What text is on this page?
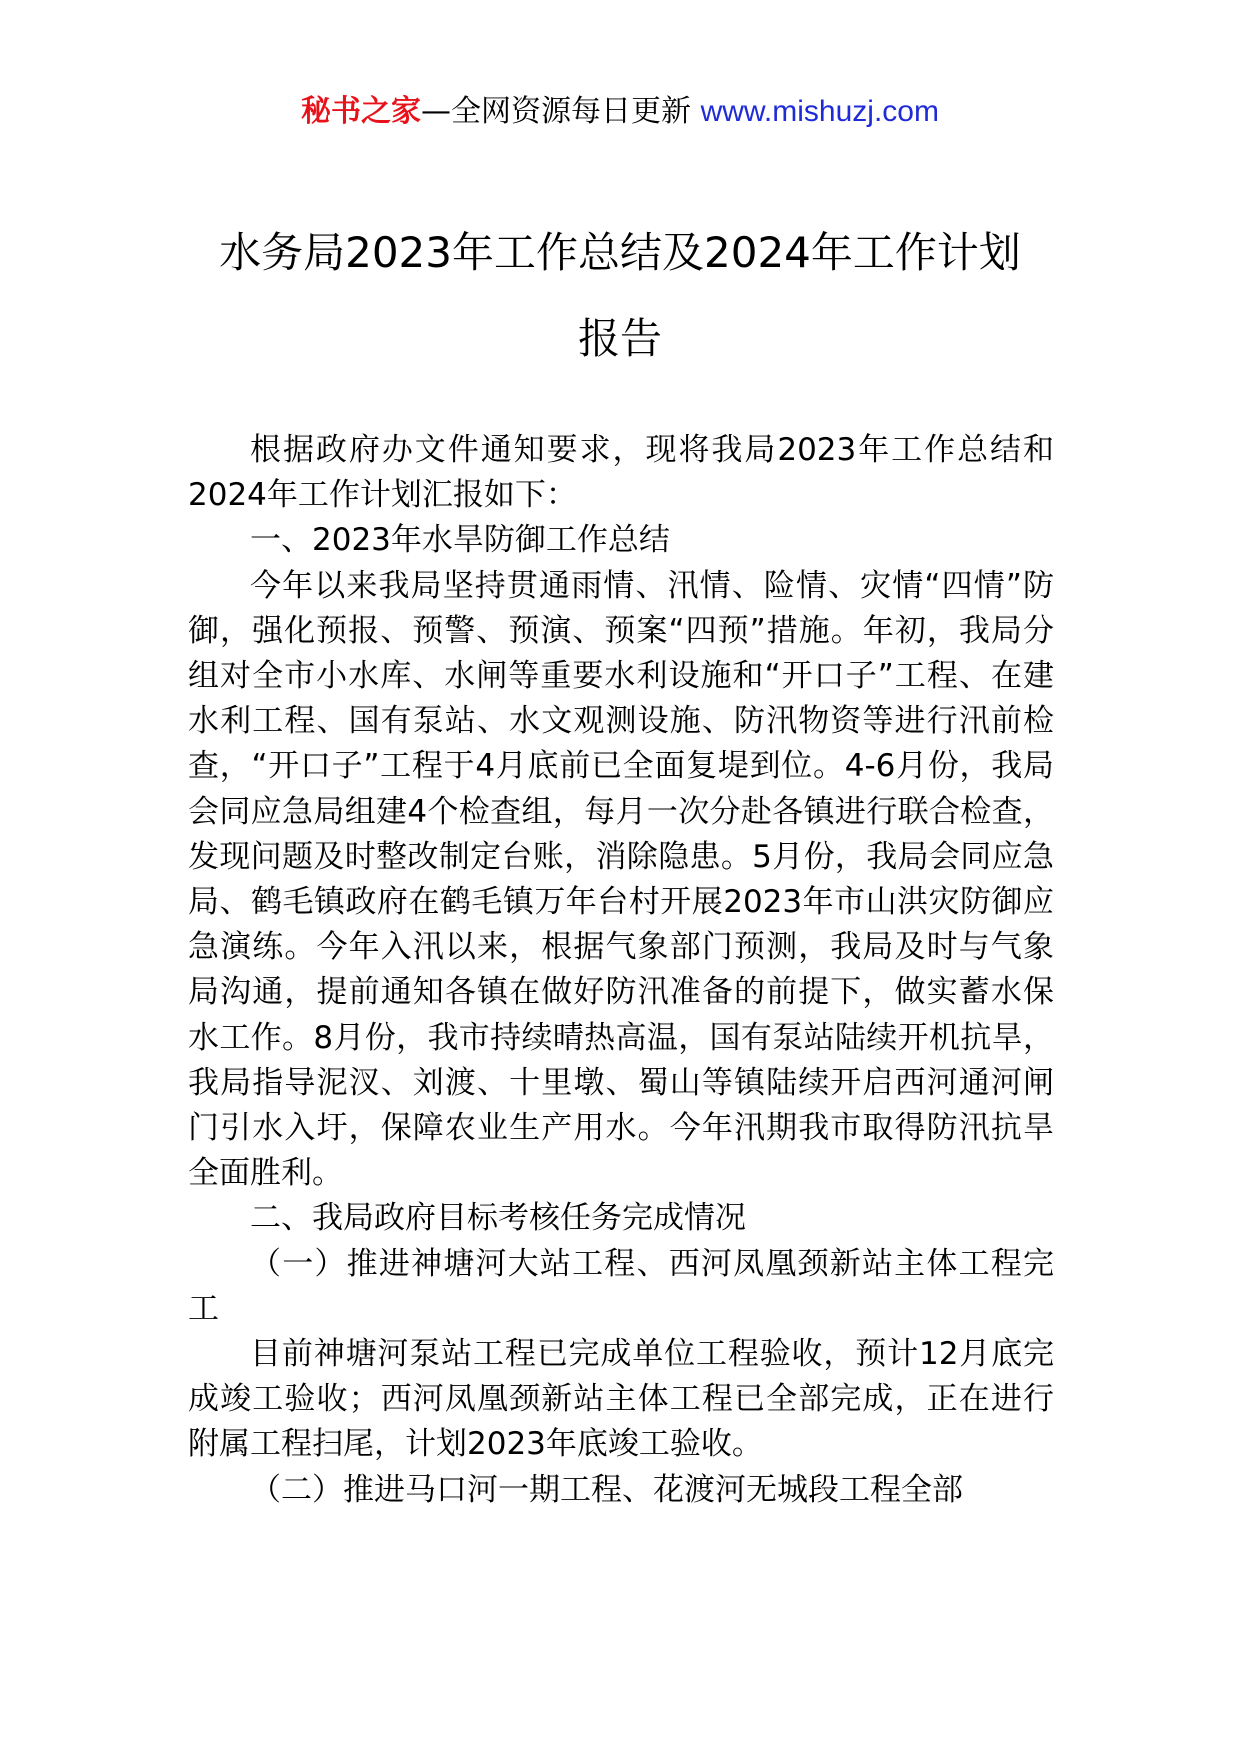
秘书之家—全网资源每日更新 www.mishuzj.com
水务局2023年工作总结及2024年工作计划
报告

根据政府办文件通知要求，现将我局2023年工作总结和2024年工作计划汇报如下：

一、2023年水旱防御工作总结

今年以来我局坚持贯通雨情、汛情、险情、灾情“四情”防御，强化预报、预警、预演、预案“四预”措施。年初，我局分组对全市小水库、水闸等重要水利设施和“开口子”工程、在建水利工程、国有泵站、水文观测设施、防汛物资等进行汛前检查，“开口子”工程于4月底前已全面复堤到位。4-6月份，我局会同应急局组建4个检查组，每月一次分赴各镇进行联合检查，发现问题及时整改制定台账，消除隐患。5月份，我局会同应急局、鹤毛镇政府在鹤毛镇万年台村开展2023年市山洪灾防御应急演练。今年入汛以来，根据气象部门预测，我局及时与气象局沟通，提前通知各镇在做好防汛准备的前提下，做实蓄水保水工作。8月份，我市持续晴热高温，国有泵站陆续开机抗旱，我局指导泥汊、刘渡、十里墩、蜀山等镇陆续开启西河通河闸门引水入圩，保障农业生产用水。今年汛期我市取得防汛抗旱全面胜利。

二、我局政府目标考核任务完成情况

（一）推进神塘河大站工程、西河凤凰颈新站主体工程完工

目前神塘河泵站工程已完成单位工程验收，预计12月底完成竣工验收；西河凤凰颈新站主体工程已全部完成，正在进行附属工程扫尾，计划2023年底竣工验收。

（二）推进马口河一期工程、花渡河无城段工程全部
